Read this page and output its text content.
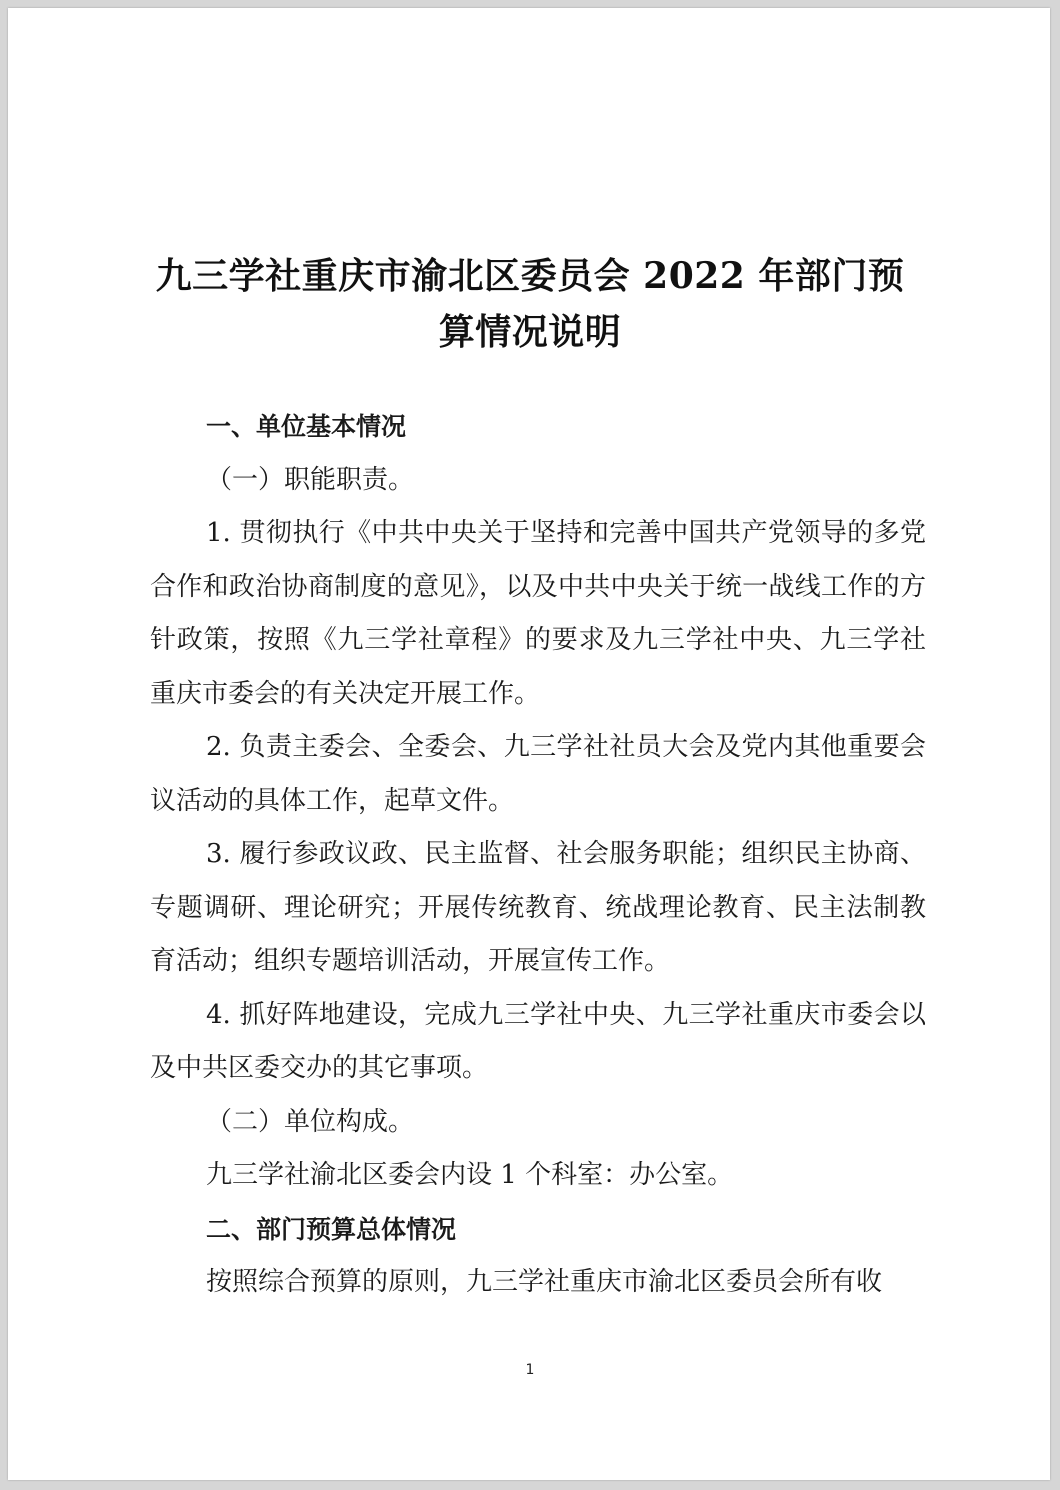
九三学社重庆市渝北区委员会 2022 年部门预
算情况说明

一、单位基本情况

（一）职能职责。

1. 贯彻执行《中共中央关于坚持和完善中国共产党领导的多党合作和政治协商制度的意见》，以及中共中央关于统一战线工作的方针政策，按照《九三学社章程》的要求及九三学社中央、九三学社重庆市委会的有关决定开展工作。

2. 负责主委会、全委会、九三学社社员大会及党内其他重要会议活动的具体工作，起草文件。

3. 履行参政议政、民主监督、社会服务职能；组织民主协商、专题调研、理论研究；开展传统教育、统战理论教育、民主法制教育活动；组织专题培训活动，开展宣传工作。

4. 抓好阵地建设，完成九三学社中央、九三学社重庆市委会以及中共区委交办的其它事项。

（二）单位构成。

九三学社渝北区委会内设 1 个科室：办公室。

二、部门预算总体情况

按照综合预算的原则，九三学社重庆市渝北区委员会所有收

1
